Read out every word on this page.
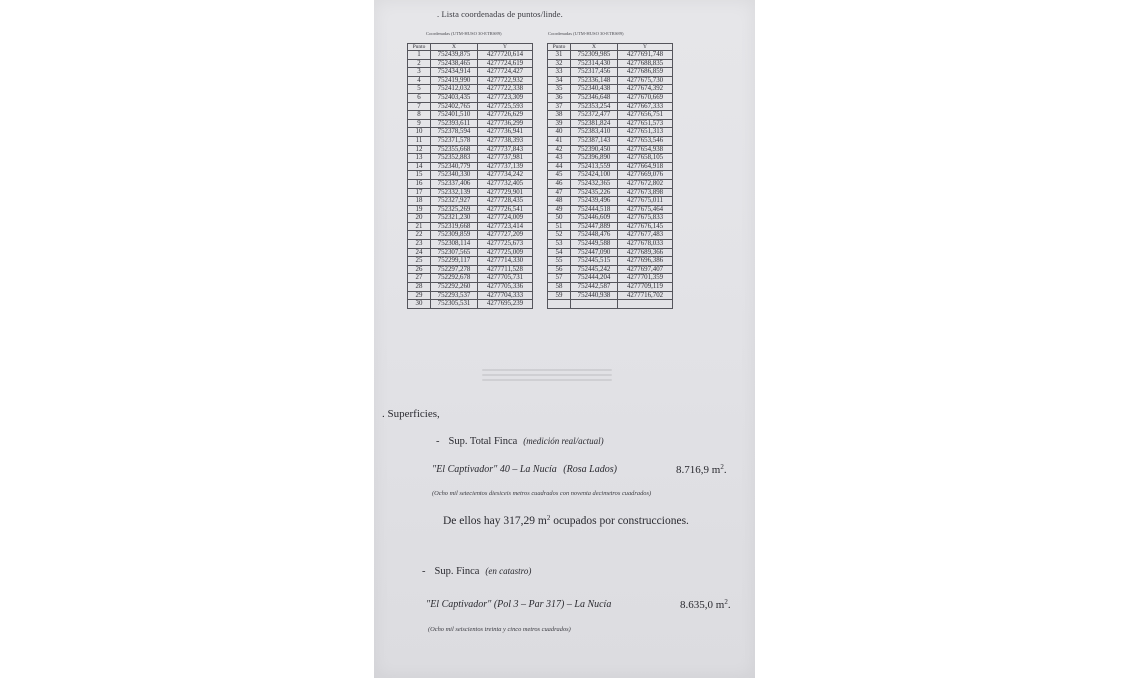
. Lista coordenadas de puntos/linde.
Coordenadas (UTM-HUSO 30-ETRS89)	Coordenadas (UTM-HUSO 30-ETRS89)
Punto	X	Y
1	752439,875	4277720,614
2	752438,465	4277724,619
3	752434,914	4277724,427
4	752419,990	4277722,932
5	752412,032	4277722,338
6	752403,435	4277723,309
7	752402,765	4277725,593
8	752401,510	4277726,629
9	752393,611	4277736,299
10	752378,594	4277736,941
11	752371,578	4277738,393
12	752355,668	4277737,843
13	752352,883	4277737,981
14	752340,779	4277737,139
15	752340,330	4277734,242
16	752337,406	4277732,405
17	752332,139	4277729,901
18	752327,927	4277728,435
19	752325,269	4277726,541
20	752321,230	4277724,009
21	752319,668	4277723,414
22	752309,859	4277727,209
23	752308,114	4277725,673
24	752307,565	4277725,009
25	752299,117	4277714,330
26	752297,278	4277711,528
27	752292,678	4277705,731
28	752292,260	4277705,336
29	752293,537	4277704,333
30	752305,531	4277695,239
Punto	X	Y
31	752309,985	4277691,748
32	752314,430	4277688,835
33	752317,456	4277686,859
34	752336,148	4277675,730
35	752340,438	4277674,392
36	752346,648	4277670,669
37	752353,254	4277667,333
38	752372,477	4277656,751
39	752381,824	4277651,573
40	752383,410	4277651,313
41	752387,143	4277653,546
42	752390,450	4277654,938
43	752396,890	4277658,105
44	752413,559	4277664,918
45	752424,100	4277669,076
46	752432,365	4277672,802
47	752435,226	4277673,898
48	752439,496	4277675,011
49	752444,518	4277675,464
50	752446,609	4277675,833
51	752447,889	4277676,145
52	752448,476	4277677,483
53	752449,588	4277678,033
54	752447,090	4277689,366
55	752445,515	4277696,386
56	752445,242	4277697,407
57	752444,204	4277701,359
58	752442,587	4277709,119
59	752440,938	4277716,702

. Superficies,
- Sup. Total Finca (medición real/actual)
"El Captivador" 40 – La Nucía (Rosa Lados)	8.716,9 $m^2$.
(Ocho mil setecientos diesiceis metros cuadrados con noventa decimetros cuadrados)
De ellos hay 317,29 $m^2$ ocupados por construcciones.
- Sup. Finca (en catastro)
"El Captivador" (Pol 3 – Par 317) – La Nucía	8.635,0 $m^2$.
(Ocho mil seiscientos treinta y cinco metros cuadrados)
